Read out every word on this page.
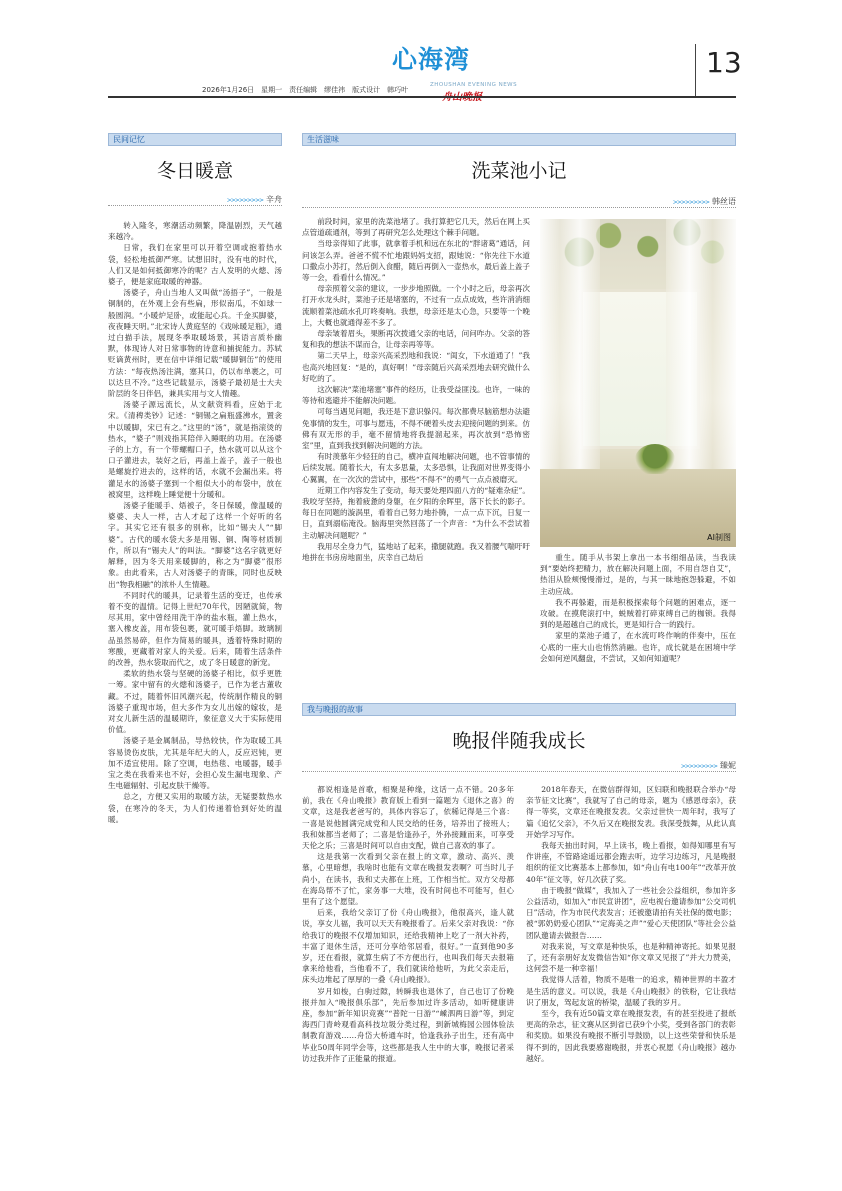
心海湾
ZHOUSHAN EVENING NEWS
13
2026年1月26日　星期一　责任编辑　缪佳祎　版式设计　韩巧叶
民间记忆
冬日暖意
>>>>>>>>> 辛舟

转入隆冬，寒潮活动频繁，降温剧烈，天气越来越冷。

日常，我们在家里可以开着空调或抱着热水袋，轻松地抵御严寒。试想旧时，没有电的时代，人们又是如何抵御寒冷的呢？古人发明的火熜、汤婆子，便是家庭取暖的神器。

汤婆子，舟山当地人又叫做“汤捂子”，一般是铜制的，在外观上会有些扁，形似南瓜，不如球一般圆润。“小暖炉足卧，或能起心兵。千金买脚婆，夜夜睡天明。”北宋诗人黄庭坚的《戏咏暖足瓶》，通过白描手法，展现冬季取暖场景，其语言质朴幽默，体现诗人对日常事物的诗意和捕捉能力。苏轼贬谪黄州时，更在信中详细记载“暖脚铜缶”的使用方法：“每夜热汤注满，塞其口，仍以布单裹之，可以达旦不冷。”这些记载显示，汤婆子最初是士大夫阶层的冬日伴侣，兼具实用与文人情趣。

汤婆子源远流长，从文献资料看，应始于北宋。《清稗类钞》记述：“铜锡之扁瓶盛沸水，置衾中以暖脚，宋已有之。”这里的“汤”，就是指滚烫的热水，“婆子”则戏指其陪伴入睡眠的功用。在汤婆子的上方，有一个带螺帽口子，热水就可以从这个口子灌进去，装好之后，再盖上盖子，盖子一般也是螺旋拧进去的，这样的话，水就不会漏出来。将灌足水的汤婆子塞到一个相似大小的布袋中，放在被窝里，这样晚上睡觉便十分暖和。

汤婆子能暖手、焐被子，冬日保暖，像温暖的婆婆、夫人一样，古人才起了这样一个好听的名字。其实它还有很多的别称，比如“锡夫人”“脚婆”。古代的暖水袋大多是用锡、铜、陶等材质制作，所以有“锡夫人”的叫法。“脚婆”这名字就更好解释，因为冬天用来暖脚的，称之为“脚婆”很形象。由此看来，古人对汤婆子的青睐，同时也反映出“物我相融”的浓朴人生情趣。

不同时代的暖具，记录着生活的变迁，也传承着不变的温情。记得上世纪70年代，因陋就简，物尽其用，家中曾经用洗干净的盐水瓶，灌上热水，塞入橡皮盖，用布袋包裹，就可暖手焐脚。玻璃制品虽然易碎，但作为简易的暖具，透着特殊时期的寒酸，更藏着对家人的关爱。后来，随着生活条件的改善，热水袋取而代之，成了冬日暖意的新宠。

柔软的热水袋与坚硬的汤婆子相比，似乎更胜一筹。家中留有的火熜和汤婆子，已作为老古董收藏。不过，随着怀旧风潮兴起，传统制作精良的铜汤婆子重现市场，但大多作为女儿出嫁的嫁妆，是对女儿新生活的温暖期许，象征意义大于实际使用价值。

汤婆子是金属制品，导热较快，作为取暖工具容易烫伤皮肤，尤其是年纪大的人，反应迟钝，更加不适宜使用。除了空调，电热毯、电暖器，暖手宝之类在我看来也不好，会担心发生漏电现象、产生电磁辐射、引起皮肤干燥等。

总之，方便又实用的取暖方法，无疑要数热水袋，在寒冷的冬天，为人们传递着恰到好处的温暖。

生活滋味
洗菜池小记
>>>>>>>>> 韩丝语

前段时间，家里的洗菜池堵了。我打算把它几天，然后在网上买点管道疏通剂，等到了再研究怎么处理这个棘手问题。

当母亲得知了此事，就拿着手机和远在东北的“胖诸葛”通话，问问该怎么弄。爸爸不慌不忙地跟妈妈支招，跟她说：“你先往下水道口撒点小苏打，然后倒入食醋，随后再倒入一壶热水，最后盖上盖子等一会，看看什么情况。”

母亲照着父亲的建议，一步步地照做。一个小时之后，母亲再次打开水龙头时，菜池子还是堵塞的，不过有一点点成效，些许消消细流顺着菜池疏水孔叮咚奏响。我想，母亲还是太心急，只要等一个晚上，大概也就通得差不多了。

母亲皱着眉头，果断再次拨通父亲的电话，问问咋办。父亲的答复和我的想法不谋而合，让母亲再等等。

第二天早上，母亲兴高采烈地和我说：“闺女，下水道通了！”我也高兴地回复：“是的，真好啊！”母亲随后兴高采烈地去研究做什么好吃的了。

这次解决“菜池堵塞”事件的经历，让我受益匪浅。也许，一味的等待和逃避并不能解决问题。

可每当遇见问题，我还是下意识躲闪。每次都费尽脑筋想办法避免事情的发生，可事与愿违，不得不硬着头皮去迎接问题的到来。仿佛有双无形的手，毫不留情地将我提溜起来，再次放到“恐怖密室”里，直到我找到解决问题的方法。

有时羡慕年少轻狂的自己，横冲直闯地解决问题，也不管事情的后续发展。随着长大，有太多思量，太多恐惧，让我面对世界变得小心翼翼，在一次次的尝试中，那些“不得不”的勇气一点点被磨灭。

近期工作内容发生了变动，每天要处理四面八方的“疑难杂症”。我咬牙坚持，拖着疲惫的身躯，在夕阳的余晖里，落下长长的影子。每日在同题的漩涡里，看着自己努力地扑腾，一点一点下沉，日复一日，直到溺临淹没。脑海里突然回荡了一个声音：“为什么不尝试着主动解决问题呢？”

我用尽全身力气，猛地站了起来，撒腿就跑。我又着腰气喘吁吁地拼在书房房地面坐，庆幸自己劫后

AI制图

重生。随手从书架上拿出一本书细细品读，当我读到“要始终把精力，放在解决问题上面，不用自怨自艾”，热泪从脸颊慢慢滑过，是的，与其一昧地抱怨躲避，不如主动应战。

我不再躲避，而是积极探索每个问题的困难点，逐一攻破。在摸爬滚打中，蜕贼着打碎束缚自己的枷锁。我得到的是超越自己的成长，更是知行合一的践行。

家里的菜池子通了，在水流叮咚作响的伴奏中，压在心底的一座大山也悄然消融。也许，成长就是在困境中学会如何逆风翻盘，不尝试，又如何知道呢？

我与晚报的故事
晚报伴随我成长
>>>>>>>>> 臻妮

都说相逢是首歌，相聚是种缘，这话一点不错。20多年前，我在《舟山晚报》教育版上看到一篇题为《退休之喜》的文章，这是我老爸写的，具体内容忘了，依稀记得是三个喜：一喜是说他圆满完成党和人民交给的任务，培养出了接班人；我和妹都当老师了；二喜是恰逢孙子，外孙接踵而来，可享受天伦之乐；三喜是时间可以自由支配，做自己喜欢的事了。

这是我第一次看到父亲在报上的文章，激动、高兴、羡慕，心里暗想，我啥时也能有文章在晚报发表啊？可当时儿子尚小，在读书，我和丈夫都在上班，工作相当忙。双方父母都在海岛帮不了忙，家务事一大堆，没有时间也不可能写，但心里有了这个愿望。

后来，我给父亲订了份《舟山晚报》，他很高兴，逢人就说，享女儿福，我可以天天有晚报看了。后来父亲对我说：“你给我订的晚报不仅增加知识，还给我精神上吃了一剂大补药，丰富了退休生活，还可分享给邻居看，很好。”一直到他90多岁，还在看报，就算生病了不方便出行，也叫我们每天去报箱拿来给他看，当他看不了，我们就读给他听，为此父亲走后，床头边堆起了厚厚的一叠《舟山晚报》。

岁月如梭，白驹过隙，转瞬我也退休了，自己也订了份晚报并加入“晚报俱乐部”，先后参加过许多活动，如听健康讲座，参加“新年知识竞赛”“普陀一日游”“嵊泗两日游”等，到定海西门青岭观看高科技垃圾分类过程，到新城梅园公园体验法制教育游戏……舟岱大桥通车时，恰逢我孙子出生，还有高中毕业50周年同学会等，这些都是我人生中的大事，晚报记者采访过我并作了正能量的报道。

2018年春天，在微信群得知，区妇联和晚报联合举办“母亲节征文比赛”，我就写了自己的母亲，题为《感恩母亲》，获得一等奖，文章还在晚报发表。父亲过世快一周年时，我写了篇《追忆父亲》，不久后又在晚报发表。我深受鼓舞，从此认真开始学习写作。

我每天抽出时间，早上读书，晚上看报，如得知哪里有写作讲座，不管路途遥远都会跑去听，边学习边练习，凡是晚报组织的征文比赛基本上都参加，如“舟山有电100年”“改革开放40年”征文等，好几次获了奖。

由于晚报“做媒”，我加入了一些社会公益组织，参加许多公益活动，如加入“市民宣讲团”，应电视台邀请参加“公交司机日”活动，作为市民代表发言；还被邀请拍有关社保的微电影；被“郭奶奶爱心团队”“定海美之声”“爱心天使团队”等社会公益团队邀请去做报告……

对我来说，写文章是种快乐，也是种精神寄托。如果见报了，还有亲朋好友发微信告知“你文章又见报了”并大力赞美，这何尝不是一种幸福！

我觉得人活着，物质不是唯一的追求，精神世界的丰盈才是生活的意义。可以说，我是《舟山晚报》的铁粉，它让我结识了朋友，驾起友谊的桥梁，温暖了我的岁月。

至今，我有近50篇文章在晚报发表，有的甚至投进了报纸更高的杂志，征文赛从区到省已获9个小奖，受到各部门的表彰和奖励。如果没有晚报不断引导鼓励，以上这些荣誉和快乐是得不到的，因此我要感谢晚报，并衷心祝愿《舟山晚报》越办越好。
